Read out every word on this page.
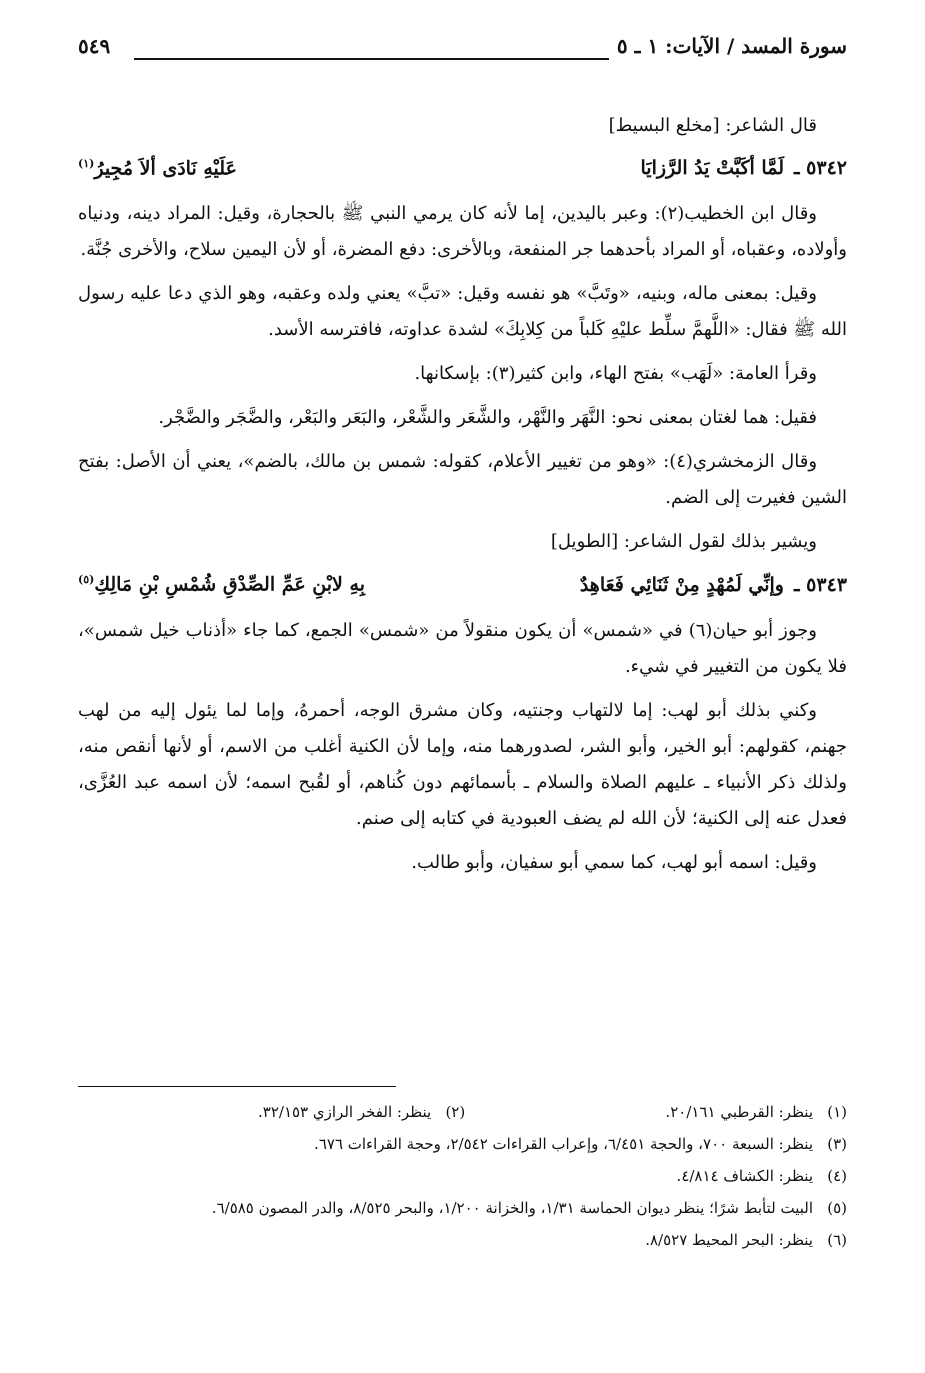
سورة المسد / الآيات: ١ ـ ٥
٥٤٩

قال الشاعر: [مخلع البسيط]

٥٣٤٢ ـ
لَمَّا أكَبَّتْ يَدُ الرَّزايَا
عَلَيْهِ نَادَى ألاَ مُجِيرُ$^{(١)}$

وقال ابن الخطيب(٢): وعبر باليدين، إما لأنه كان يرمي النبي ﷺ بالحجارة، وقيل: المراد دينه، ودنياه وأولاده، وعقباه، أو المراد بأحدهما جر المنفعة، وبالأخرى: دفع المضرة، أو لأن اليمين سلاح، والأخرى جُنَّة.

وقيل: بمعنى ماله، وبنيه، «وتَبَّ» هو نفسه وقيل: «تبَّ» يعني ولده وعقبه، وهو الذي دعا عليه رسول الله ﷺ فقال: «اللَّهمَّ سلِّط عليْهِ كَلباً من كِلابِكَ» لشدة عداوته، فافترسه الأسد.

وقرأ العامة: «لَهَب» بفتح الهاء، وابن كثير(٣): بإسكانها.

فقيل: هما لغتان بمعنى نحو: النَّهَر والنَّهْر، والشَّعَر والشَّعْر، والبَعَر والبَعْر، والضَّجَر والضَّجْر.

وقال الزمخشري(٤): «وهو من تغيير الأعلام، كقوله: شمس بن مالك، بالضم»، يعني أن الأصل: بفتح الشين فغيرت إلى الضم.

ويشير بذلك لقول الشاعر: [الطويل]

٥٣٤٣ ـ
وإنِّي لَمُهْدٍ مِنْ ثَنَائِي فَعَاهِدٌ
بِهِ لابْنِ عَمِّ الصِّدْقِ شُمْسِ بْنِ مَالِكِ$^{(٥)}$

وجوز أبو حيان(٦) في «شمس» أن يكون منقولاً من «شمس» الجمع، كما جاء «أذناب خيل شمس»، فلا يكون من التغيير في شيء.

وكني بذلك أبو لهب: إما لالتهاب وجنتيه، وكان مشرق الوجه، أحمرهُ، وإما لما يئول إليه من لهب جهنم، كقولهم: أبو الخير، وأبو الشر، لصدورهما منه، وإما لأن الكنية أغلب من الاسم، أو لأنها أنقص منه، ولذلك ذكر الأنبياء ـ عليهم الصلاة والسلام ـ بأسمائهم دون كُناهم، أو لقُبح اسمه؛ لأن اسمه عبد العُزَّى، فعدل عنه إلى الكنية؛ لأن الله لم يضف العبودية في كتابه إلى صنم.

وقيل: اسمه أبو لهب، كما سمي أبو سفيان، وأبو طالب.

(١)
ينظر: القرطبي ٢٠/١٦١.
(٢)
ينظر: الفخر الرازي ٣٢/١٥٣.
(٣)
ينظر: السبعة ٧٠٠، والحجة ٦/٤٥١، وإعراب القراءات ٢/٥٤٢، وحجة القراءات ٦٧٦.
(٤)
ينظر: الكشاف ٤/٨١٤.
(٥)
البيت لتأبط شرًا؛ ينظر ديوان الحماسة ١/٣١، والخزانة ١/٢٠٠، والبحر ٨/٥٢٥، والدر المصون ٦/٥٨٥.
(٦)
ينظر: البحر المحيط ٨/٥٢٧.
